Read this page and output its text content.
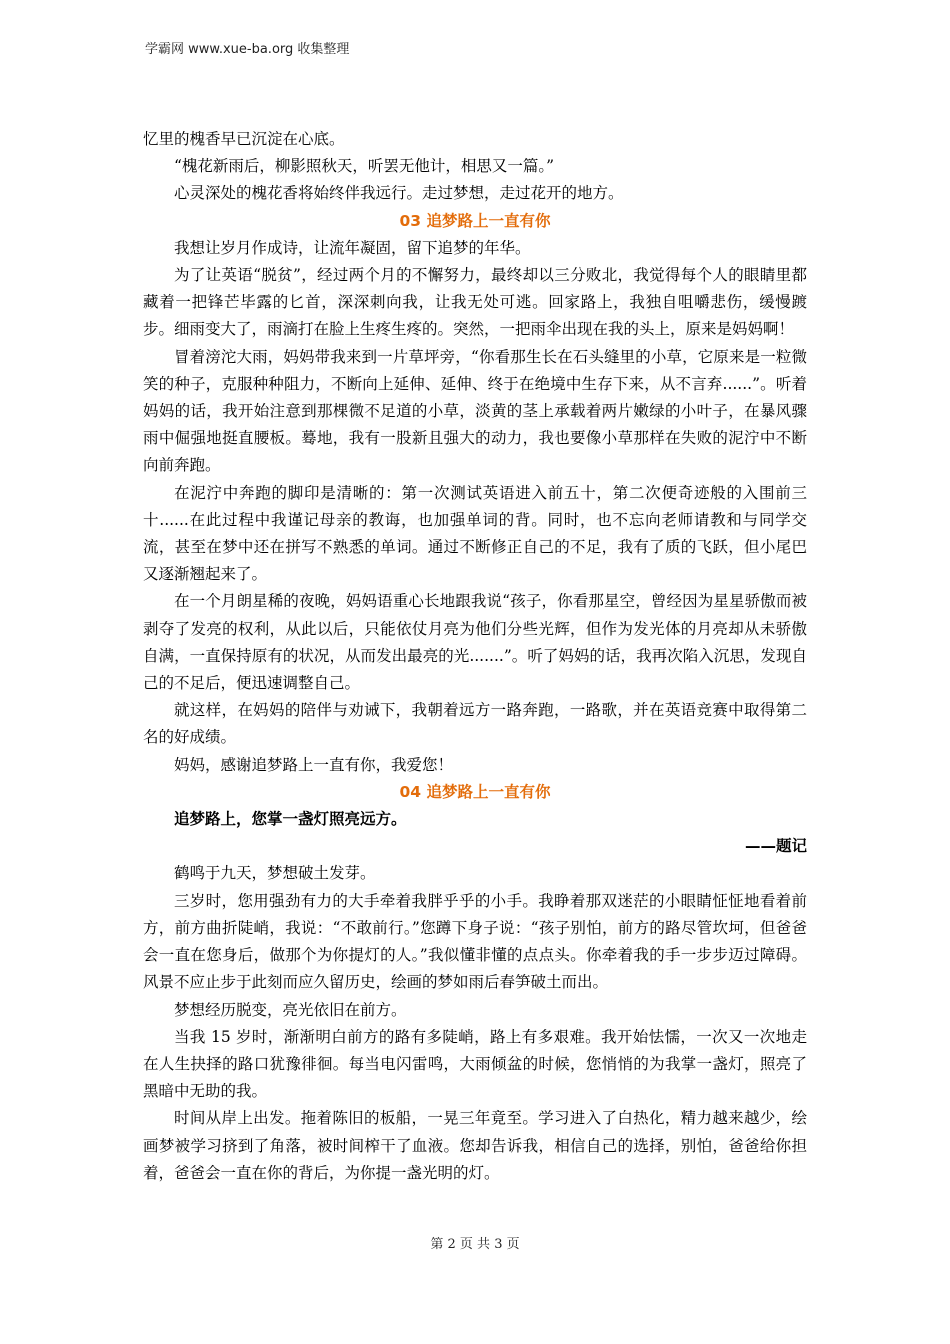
学霸网 www.xue-ba.org 收集整理

忆里的槐香早已沉淀在心底。

“槐花新雨后，柳影照秋天，听罢无他计，相思又一篇。”

心灵深处的槐花香将始终伴我远行。走过梦想，走过花开的地方。

03 追梦路上一直有你

我想让岁月作成诗，让流年凝固，留下追梦的年华。

为了让英语“脱贫”，经过两个月的不懈努力，最终却以三分败北，我觉得每个人的眼睛里都藏着一把锋芒毕露的匕首，深深刺向我，让我无处可逃。回家路上，我独自咀嚼悲伤，缓慢踱步。细雨变大了，雨滴打在脸上生疼生疼的。突然，一把雨伞出现在我的头上，原来是妈妈啊！

冒着滂沱大雨，妈妈带我来到一片草坪旁，“你看那生长在石头缝里的小草，它原来是一粒微笑的种子，克服种种阻力，不断向上延伸、延伸、终于在绝境中生存下来，从不言弃......”。听着妈妈的话，我开始注意到那棵微不足道的小草，淡黄的茎上承载着两片嫩绿的小叶子，在暴风骤雨中倔强地挺直腰板。蓦地，我有一股新且强大的动力，我也要像小草那样在失败的泥泞中不断向前奔跑。

在泥泞中奔跑的脚印是清晰的：第一次测试英语进入前五十，第二次便奇迹般的入围前三十......在此过程中我谨记母亲的教诲，也加强单词的背。同时，也不忘向老师请教和与同学交流，甚至在梦中还在拼写不熟悉的单词。通过不断修正自己的不足，我有了质的飞跃，但小尾巴又逐渐翘起来了。

在一个月朗星稀的夜晚，妈妈语重心长地跟我说“孩子，你看那星空，曾经因为星星骄傲而被剥夺了发亮的权利，从此以后，只能依仗月亮为他们分些光辉，但作为发光体的月亮却从未骄傲自满，一直保持原有的状况，从而发出最亮的光.......”。听了妈妈的话，我再次陷入沉思，发现自己的不足后，便迅速调整自己。

就这样，在妈妈的陪伴与劝诫下，我朝着远方一路奔跑，一路歌，并在英语竞赛中取得第二名的好成绩。

妈妈，感谢追梦路上一直有你，我爱您！

04 追梦路上一直有你

追梦路上，您掌一盏灯照亮远方。

——题记

鹤鸣于九天，梦想破土发芽。

三岁时，您用强劲有力的大手牵着我胖乎乎的小手。我睁着那双迷茫的小眼睛怔怔地看着前方，前方曲折陡峭，我说：“不敢前行。”您蹲下身子说：“孩子别怕，前方的路尽管坎坷，但爸爸会一直在您身后，做那个为你提灯的人。”我似懂非懂的点点头。你牵着我的手一步步迈过障碍。风景不应止步于此刻而应久留历史，绘画的梦如雨后春笋破土而出。

梦想经历脱变，亮光依旧在前方。

当我 15 岁时，渐渐明白前方的路有多陡峭，路上有多艰难。我开始怯懦，一次又一次地走在人生抉择的路口犹豫徘徊。每当电闪雷鸣，大雨倾盆的时候，您悄悄的为我掌一盏灯，照亮了黑暗中无助的我。

时间从岸上出发。拖着陈旧的板船，一晃三年竟至。学习进入了白热化，精力越来越少，绘画梦被学习挤到了角落，被时间榨干了血液。您却告诉我，相信自己的选择，别怕，爸爸给你担着，爸爸会一直在你的背后，为你提一盏光明的灯。

第 2 页 共 3 页
